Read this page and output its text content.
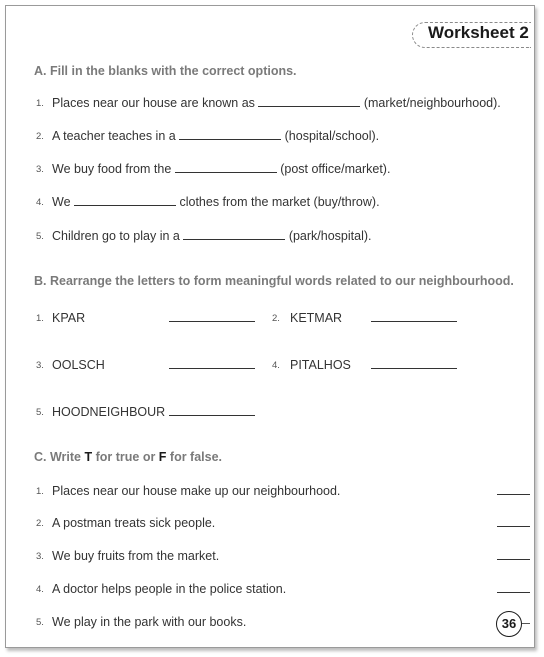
Worksheet 2
A. Fill in the blanks with the correct options.
1. Places near our house are known as	(market/neighbourhood).
2. A teacher teaches in a	(hospital/school).
3. We buy food from the	(post office/market).
4. We	clothes from the market (buy/throw).
5. Children go to play in a	(park/hospital).
B. Rearrange the letters to form meaningful words related to our neighbourhood.
1. KPAR	2. KETMAR
3. OOLSCH	4. PITALHOS
5. HOODNEIGHBOUR
C. Write T for true or F for false.
1. Places near our house make up our neighbourhood.
2. A postman treats sick people.
3. We buy fruits from the market.
4. A doctor helps people in the police station.
5. We play in the park with our books.	36
